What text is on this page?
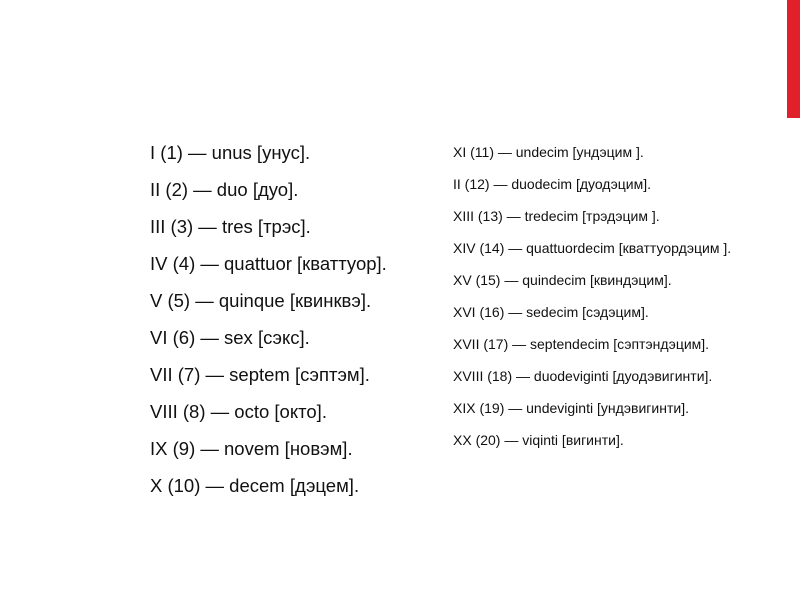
I (1) — unus [унус].
II (2) — duo [дуо].
III (3) — tres [трэс].
IV (4) — quattuor [кваттуор].
V (5) — quinque [квинквэ].
VI (6) — sex [сэкс].
VII (7) — septem [сэптэм].
VIII (8) — octo [окто].
IX (9) — novem [новэм].
X (10) — decem [дэцем].
XI (11) — undecim [ундэцим ].
II (12) — duodecim [дуодэцим].
XIII (13) — tredecim [трэдэцим ].
XIV (14) — quattuordecim [кваттуордэцим ].
XV (15) — quindecim [квиндэцим].
XVI (16) — sedecim [сэдэцим].
XVII (17) — septendecim [сэптэндэцим].
XVIII (18) — duodeviginti [дуодэвигинти].
XIX (19) — undeviginti [ундэвигинти].
XX (20) — viqinti [вигинти].
